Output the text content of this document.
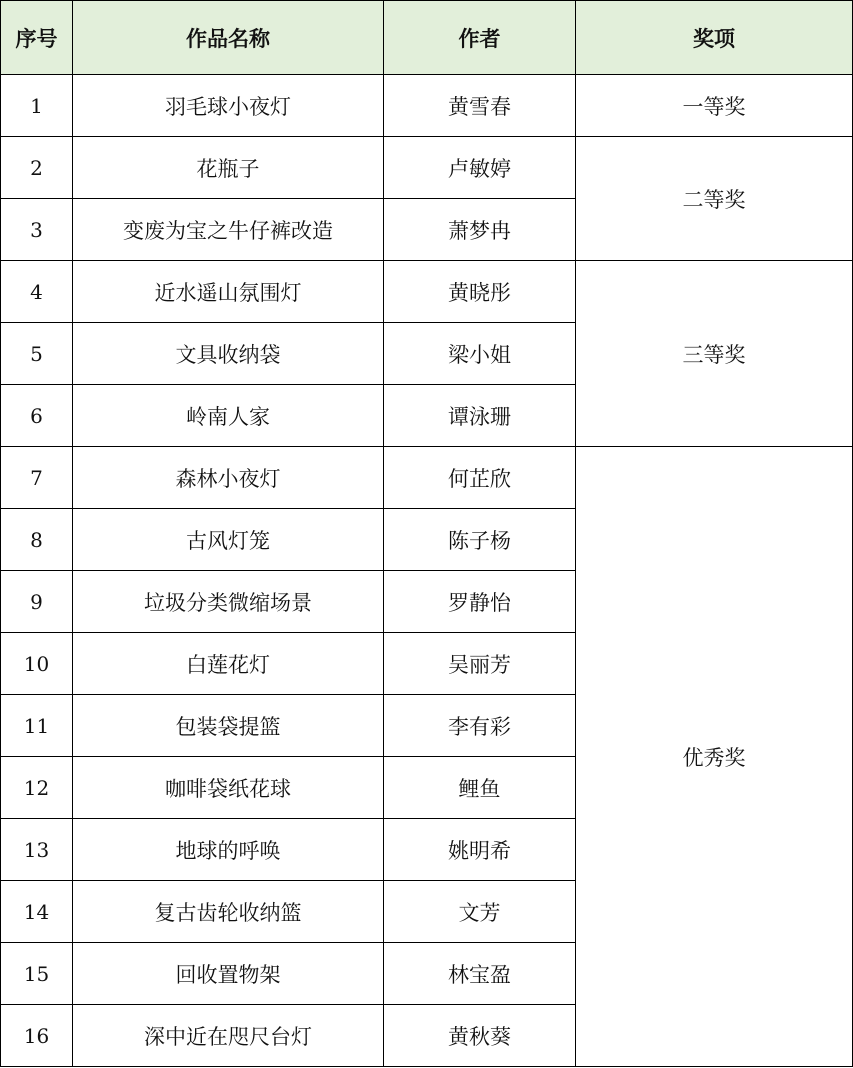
序号	作品名称	作者	奖项
1	羽毛球小夜灯	黄雪春	一等奖
2	花瓶子	卢敏婷	二等奖
3	变废为宝之牛仔裤改造	萧梦冉	
4	近水遥山氛围灯	黄晓彤	三等奖
5	文具收纳袋	梁小姐	
6	岭南人家	谭泳珊	
7	森林小夜灯	何芷欣	优秀奖
8	古风灯笼	陈子杨	
9	垃圾分类微缩场景	罗静怡	
10	白莲花灯	吴丽芳	
11	包装袋提篮	李有彩	
12	咖啡袋纸花球	鲤鱼	
13	地球的呼唤	姚明希	
14	复古齿轮收纳篮	文芳	
15	回收置物架	林宝盈	
16	深中近在咫尺台灯	黄秋葵	
